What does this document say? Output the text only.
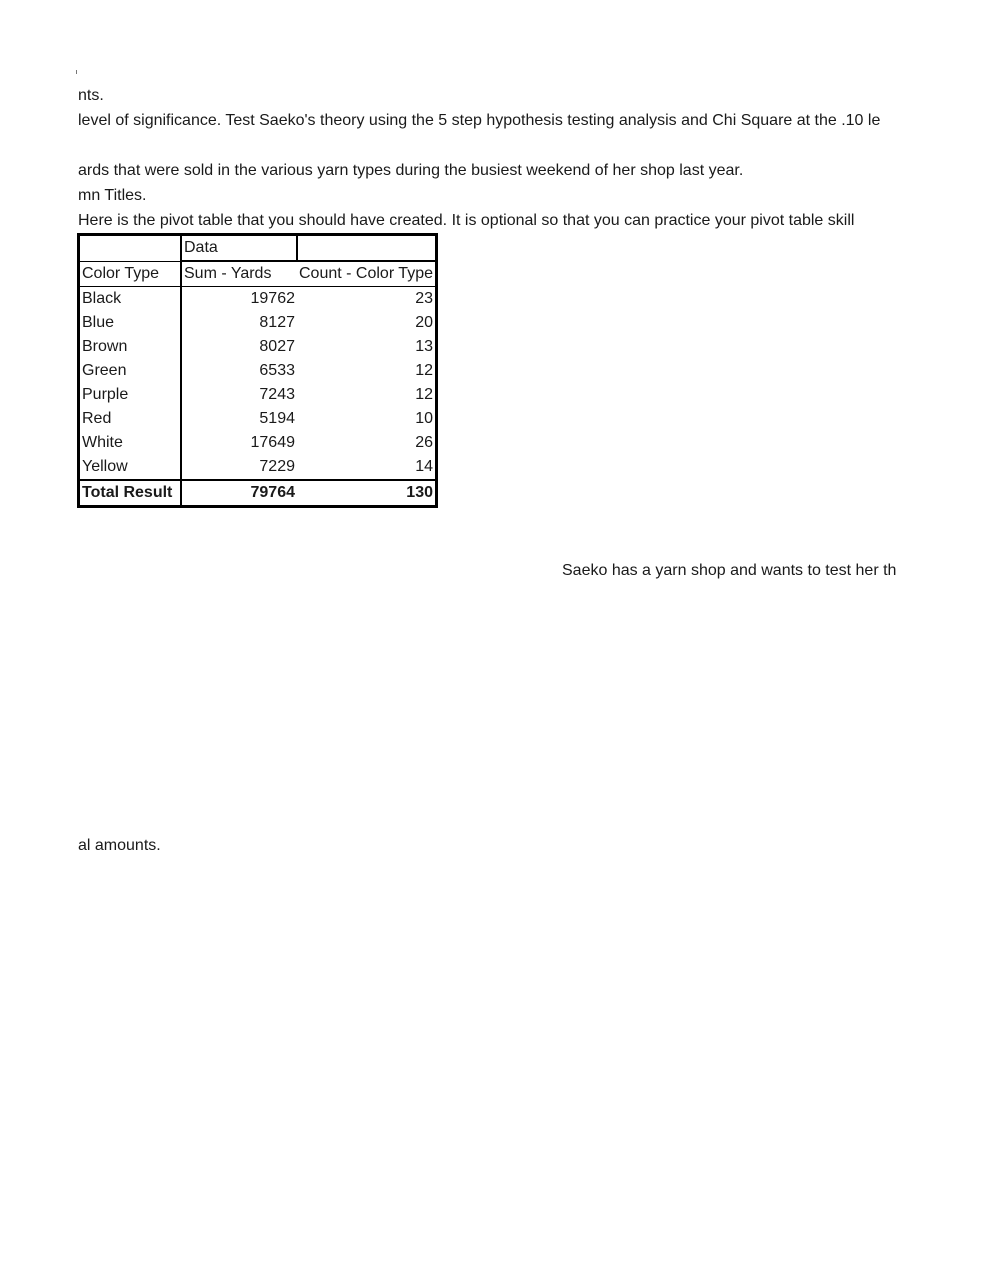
nts.
level of significance. Test Saeko's theory using the 5 step hypothesis testing analysis and Chi Square at the .10 le
ards that were sold in the various yarn types during the busiest weekend of her shop last year.
mn Titles.
Here is the pivot table that you should have created. It is optional so that you can practice your pivot table skill
	Data	
Color Type	Sum - Yards	Count - Color Type
Black	19762	23
Blue	8127	20
Brown	8027	13
Green	6533	12
Purple	7243	12
Red	5194	10
White	17649	26
Yellow	7229	14
Total Result	79764	130
Saeko has a yarn shop and wants to test her th
al amounts.
